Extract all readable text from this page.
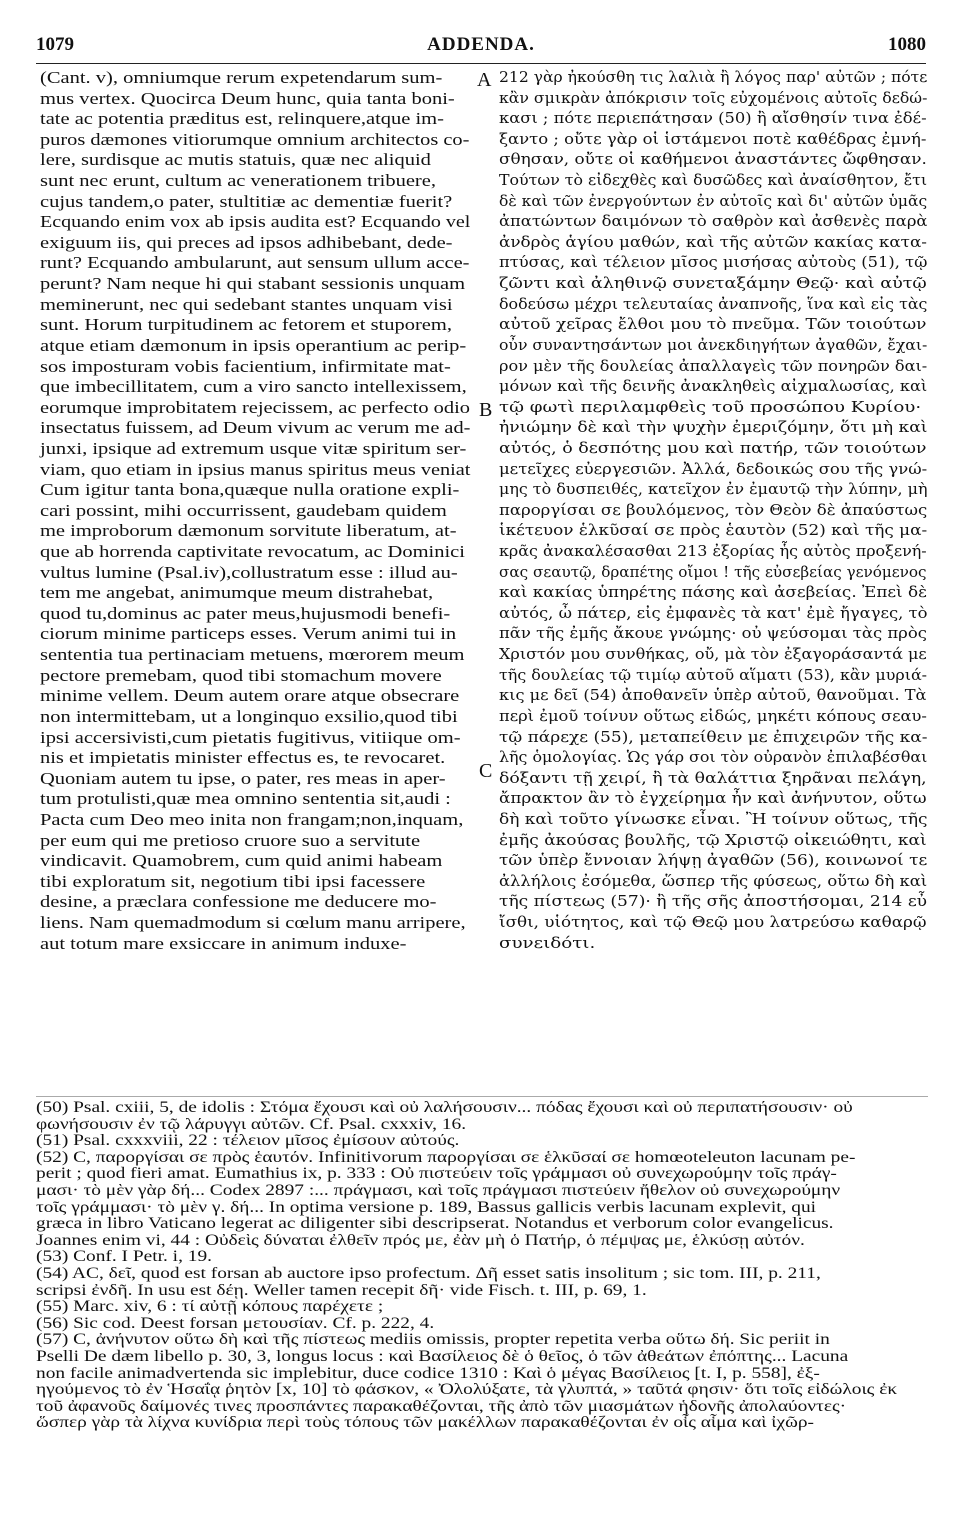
1079	ADDENDA.	1080
A
B
C
(Cant. v), omniumque rerum expetendarum sum-
mus vertex. Quocirca Deum hunc, quia tanta boni-
tate ac potentia præditus est, relinquere,atque im-
puros dæmones vitiorumque omnium architectos co-
lere, surdisque ac mutis statuis, quæ nec aliquid
sunt nec erunt, cultum ac venerationem tribuere,
cujus tandem,o pater, stultitiæ ac dementiæ fuerit?
Ecquando enim vox ab ipsis audita est? Ecquando vel
exiguum iis, qui preces ad ipsos adhibebant, dede-
runt? Ecquando ambularunt, aut sensum ullum acce-
perunt? Nam neque hi qui stabant sessionis unquam
meminerunt, nec qui sedebant stantes unquam visi
sunt. Horum turpitudinem ac fetorem et stuporem,
atque etiam dæmonum in ipsis operantium ac perip-
sos imposturam vobis facientium, infirmitate mat-
que imbecillitatem, cum a viro sancto intellexissem,
eorumque improbitatem rejecissem, ac perfecto odio
insectatus fuissem, ad Deum vivum ac verum me ad-
junxi, ipsique ad extremum usque vitæ spiritum ser-
viam, quo etiam in ipsius manus spiritus meus veniat
Cum igitur tanta bona,quæque nulla oratione expli-
cari possint, mihi occurrissent, gaudebam quidem
me improborum dæmonum sorvitute liberatum, at-
que ab horrenda captivitate revocatum, ac Dominici
vultus lumine (Psal.iv),collustratum esse : illud au-
tem me angebat, animumque meum distrahebat,
quod tu,dominus ac pater meus,hujusmodi benefi-
ciorum minime particeps esses. Verum animi tui in
sententia tua pertinaciam metuens, mœrorem meum
pectore premebam, quod tibi stomachum movere
minime vellem. Deum autem orare atque obsecrare
non intermittebam, ut a longinquo exsilio,quod tibi
ipsi accersivisti,cum pietatis fugitivus, vitiique om-
nis et impietatis minister effectus es, te revocaret.
Quoniam autem tu ipse, o pater, res meas in aper-
tum protulisti,quæ mea omnino sententia sit,audi :
Pacta cum Deo meo inita non frangam;non,inquam,
per eum qui me pretioso cruore suo a servitute
vindicavit. Quamobrem, cum quid animi habeam
tibi exploratum sit, negotium tibi ipsi facessere
desine, a præclara confessione me deducere mo-
liens. Nam quemadmodum si cœlum manu arripere,
aut totum mare exsiccare in animum induxe-
212 γὰρ ἠκούσθη τις λαλιὰ ἢ λόγος παρ' αὐτῶν ; πότε
κἂν σμικρὰν ἀπόκρισιν τοῖς εὐχομένοις αὐτοῖς δεδώ-
κασι ; πότε περιεπάτησαν (50) ἢ αἴσθησίν τινα ἐδέ-
ξαντο ; οὔτε γὰρ οἱ ἱστάμενοι ποτὲ καθέδρας ἐμνή-
σθησαν, οὔτε οἱ καθήμενοι ἀναστάντες ὤφθησαν.
Τούτων τὸ εἰδεχθὲς καὶ δυσῶδες καὶ ἀναίσθητον, ἔτι
δὲ καὶ τῶν ἐνεργούντων ἐν αὐτοῖς καὶ δι' αὐτῶν ὑμᾶς
ἀπατώντων δαιμόνων τὸ σαθρὸν καὶ ἀσθενὲς παρὰ
ἀνδρὸς ἁγίου μαθών, καὶ τῆς αὐτῶν κακίας κατα-
πτύσας, καὶ τέλειον μῖσος μισήσας αὐτοὺς (51), τῷ
ζῶντι καὶ ἀληθινῷ συνεταξάμην Θεῷ· καὶ αὐτῷ
δοδεύσω μέχρι τελευταίας ἀναπνοῆς, ἵνα καὶ εἰς τὰς
αὐτοῦ χεῖρας ἔλθοι μου τὸ πνεῦμα. Τῶν τοιούτων
οὖν συναντησάντων μοι ἀνεκδιηγήτων ἀγαθῶν, ἔχαι-
ρον μὲν τῆς δουλείας ἀπαλλαγεὶς τῶν πονηρῶν δαι-
μόνων καὶ τῆς δεινῆς ἀνακληθεὶς αἰχμαλωσίας, καὶ
τῷ φωτὶ περιλαμφθεὶς τοῦ προσώπου Κυρίου·
ἠνιώμην δὲ καὶ τὴν ψυχὴν ἐμεριζόμην, ὅτι μὴ καὶ
αὐτός, ὁ δεσπότης μου καὶ πατήρ, τῶν τοιούτων
μετεῖχες εὐεργεσιῶν. Ἀλλά, δεδοικώς σου τῆς γνώ-
μης τὸ δυσπειθές, κατεῖχον ἐν ἐμαυτῷ τὴν λύπην, μὴ
παροργίσαι σε βουλόμενος, τὸν Θεὸν δὲ ἀπαύστως
ἱκέτευον ἑλκῦσαί σε πρὸς ἑαυτὸν (52) καὶ τῆς μα-
κρᾶς ἀνακαλέσασθαι 213 ἐξορίας ἧς αὐτὸς προξενή-
σας σεαυτῷ, δραπέτης οἴμοι ! τῆς εὐσεβείας γενόμενος
καὶ κακίας ὑπηρέτης πάσης καὶ ἀσεβείας. Ἐπεὶ δὲ
αὐτός, ὦ πάτερ, εἰς ἐμφανὲς τὰ κατ' ἐμὲ ἤγαγες, τὸ
πᾶν τῆς ἐμῆς ἄκουε γνώμης· οὐ ψεύσομαι τὰς πρὸς
Χριστόν μου συνθήκας, οὔ, μὰ τὸν ἐξαγοράσαντά με
τῆς δουλείας τῷ τιμίῳ αὐτοῦ αἵματι (53), κἂν μυριά-
κις με δεῖ (54) ἀποθανεῖν ὑπὲρ αὐτοῦ, θανοῦμαι. Τὰ
περὶ ἐμοῦ τοίνυν οὕτως εἰδώς, μηκέτι κόπους σεαυ-
τῷ πάρεχε (55), μεταπείθειν με ἐπιχειρῶν τῆς κα-
λῆς ὁμολογίας. Ὡς γάρ σοι τὸν οὐρανὸν ἐπιλαβέσθαι
δόξαντι τῇ χειρί, ἢ τὰ θαλάττια ξηρᾶναι πελάγη,
ἄπρακτον ἂν τὸ ἐγχείρημα ἦν καὶ ἀνήνυτον, οὕτω
δὴ καὶ τοῦτο γίνωσκε εἶναι. Ἢ τοίνυν οὕτως, τῆς
ἐμῆς ἀκούσας βουλῆς, τῷ Χριστῷ οἰκειώθητι, καὶ
τῶν ὑπὲρ ἔννοιαν λήψῃ ἀγαθῶν (56), κοινωνοί τε
ἀλλήλοις ἐσόμεθα, ὥσπερ τῆς φύσεως, οὕτω δὴ καὶ
τῆς πίστεως (57)· ἢ τῆς σῆς ἀποστήσομαι, 214 εὖ
ἴσθι, υἱότητος, καὶ τῷ Θεῷ μου λατρεύσω καθαρῷ
συνειδότι.
(50) Psal. cxiii, 5, de idolis : Στόμα ἔχουσι καὶ οὐ λαλήσουσιν... πόδας ἔχουσι καὶ οὐ περιπατήσουσιν· οὐ
φωνήσουσιν ἐν τῷ λάρυγγι αὐτῶν. Cf. Psal. cxxxiv, 16.
(51) Psal. cxxxviii, 22 : τέλειον μῖσος ἐμίσουν αὐτούς.
(52) C, παροργίσαι σε πρὸς ἑαυτόν. Infinitivorum παροργίσαι σε ἑλκῦσαί σε homœoteleuton lacunam pe-
perit ; quod fieri amat. Eumathius ix, p. 333 : Οὐ πιστεύειν τοῖς γράμμασι οὐ συνεχωρούμην τοῖς πράγ-
μασι· τὸ μὲν γὰρ δή... Codex 2897 :... πράγμασι, καὶ τοῖς πράγμασι πιστεύειν ἤθελον οὐ συνεχωρούμην
τοῖς γράμμασι· τὸ μὲν γ. δή... In optima versione p. 189, Bassus gallicis verbis lacunam explevit, qui
græca in libro Vaticano legerat ac diligenter sibi descripserat. Notandus et verborum color evangelicus.
Joannes enim vi, 44 : Οὐδεὶς δύναται ἐλθεῖν πρός με, ἐὰν μὴ ὁ Πατήρ, ὁ πέμψας με, ἑλκύσῃ αὐτόν.
(53) Conf. I Petr. i, 19.
(54) AC, δεῖ, quod est forsan ab auctore ipso profectum. Δῆ esset satis insolitum ; sic tom. III, p. 211,
scripsi ἐνδῆ. In usu est δέῃ. Weller tamen recepit δῆ· vide Fisch. t. III, p. 69, 1.
(55) Marc. xiv, 6 : τί αὐτῇ κόπους παρέχετε ;
(56) Sic cod. Deest forsan μετουσίαν. Cf. p. 222, 4.
(57) C, ἀνήνυτον οὕτω δὴ καὶ τῆς πίστεως mediis omissis, propter repetita verba οὕτω δή. Sic periit in
Pselli De dæm libello p. 30, 3, longus locus : καὶ Βασίλειος δὲ ὁ θεῖος, ὁ τῶν ἀθεάτων ἐπόπτης... Lacuna
non facile animadvertenda sic implebitur, duce codice 1310 : Καὶ ὁ μέγας Βασίλειος [t. I, p. 558], ἐξ-
ηγούμενος τὸ ἐν Ἡσαΐᾳ ῥητὸν [x, 10] τὸ φάσκον, « Ὀλολύξατε, τὰ γλυπτά, » ταῦτά φησιν· ὅτι τοῖς εἰδώλοις ἐκ
τοῦ ἀφανοῦς δαίμονές τινες προσπάντες παρακαθέζονται, τῆς ἀπὸ τῶν μιασμάτων ἡδονῆς ἀπολαύοντες·
ὥσπερ γὰρ τὰ λίχνα κυνίδρια περὶ τοὺς τόπους τῶν μακέλλων παρακαθέζονται ἐν οἷς αἷμα καὶ ἰχῶρ-
